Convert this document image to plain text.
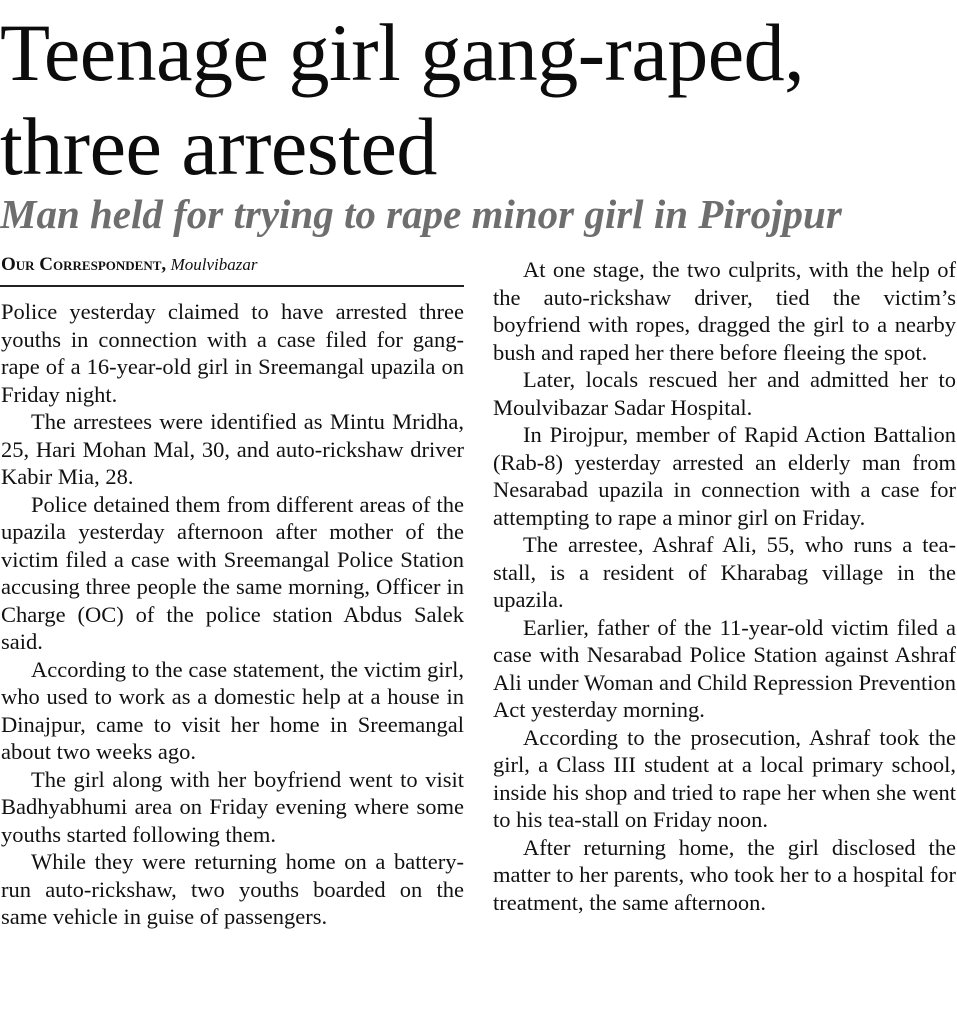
Teenage girl gang-raped,
three arrested
Man held for trying to rape minor girl in Pirojpur
Our Correspondent, Moulvibazar

Police yesterday claimed to have arrested three youths in connection with a case filed for gang-rape of a 16-year-old girl in Sreemangal upazila on Friday night.

The arrestees were identified as Mintu Mridha, 25, Hari Mohan Mal, 30, and auto-rickshaw driver Kabir Mia, 28.

Police detained them from different areas of the upazila yesterday afternoon after mother of the victim filed a case with Sreemangal Police Station accusing three people the same morning, Officer in Charge (OC) of the police station Abdus Salek said.

According to the case statement, the victim girl, who used to work as a domestic help at a house in Dinajpur, came to visit her home in Sreemangal about two weeks ago.

The girl along with her boyfriend went to visit Badhyabhumi area on Friday evening where some youths started following them.

While they were returning home on a battery-run auto-rickshaw, two youths boarded on the same vehicle in guise of passengers.

At one stage, the two culprits, with the help of the auto-rickshaw driver, tied the victim’s boyfriend with ropes, dragged the girl to a nearby bush and raped her there before fleeing the spot.

Later, locals rescued her and admitted her to Moulvibazar Sadar Hospital.

In Pirojpur, member of Rapid Action Battalion (Rab-8) yesterday arrested an elderly man from Nesarabad upazila in connection with a case for attempting to rape a minor girl on Friday.

The arrestee, Ashraf Ali, 55, who runs a tea-stall, is a resident of Kharabag village in the upazila.

Earlier, father of the 11-year-old victim filed a case with Nesarabad Police Station against Ashraf Ali under Woman and Child Repression Prevention Act yesterday morning.

According to the prosecution, Ashraf took the girl, a Class III student at a local primary school, inside his shop and tried to rape her when she went to his tea-stall on Friday noon.

After returning home, the girl disclosed the matter to her parents, who took her to a hospital for treatment, the same afternoon.
